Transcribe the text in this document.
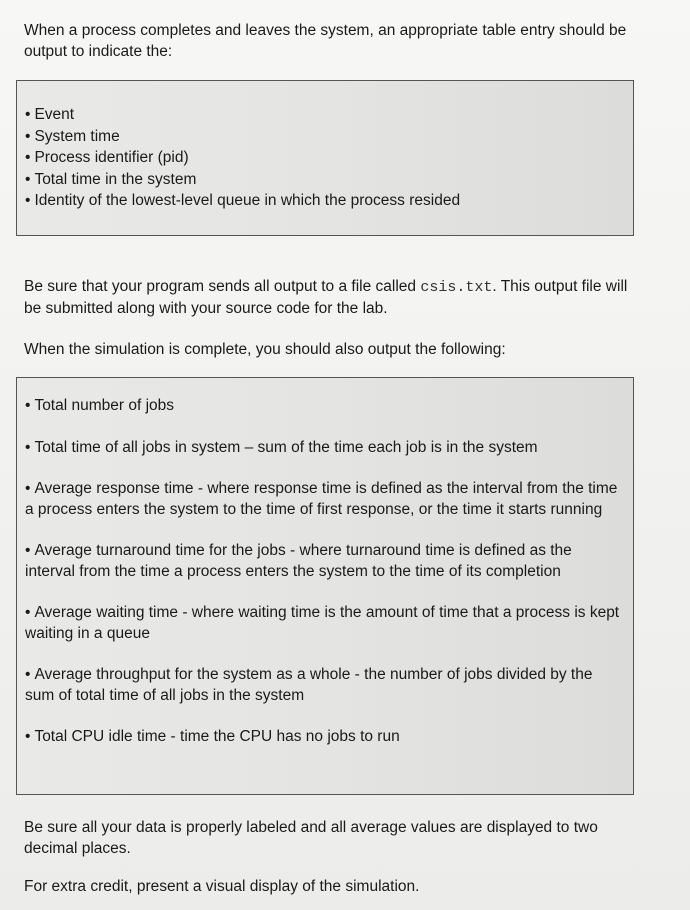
When a process completes and leaves the system, an appropriate table entry should be output to indicate the:

• Event
• System time
• Process identifier (pid)
• Total time in the system
• Identity of the lowest-level queue in which the process resided

Be sure that your program sends all output to a file called csis.txt. This output file will be submitted along with your source code for the lab.

When the simulation is complete, you should also output the following:

• Total number of jobs
• Total time of all jobs in system – sum of the time each job is in the system
• Average response time - where response time is defined as the interval from the time a process enters the system to the time of first response, or the time it starts running
• Average turnaround time for the jobs - where turnaround time is defined as the interval from the time a process enters the system to the time of its completion
• Average waiting time - where waiting time is the amount of time that a process is kept waiting in a queue
• Average throughput for the system as a whole - the number of jobs divided by the sum of total time of all jobs in the system
• Total CPU idle time - time the CPU has no jobs to run

Be sure all your data is properly labeled and all average values are displayed to two decimal places.

For extra credit, present a visual display of the simulation.
